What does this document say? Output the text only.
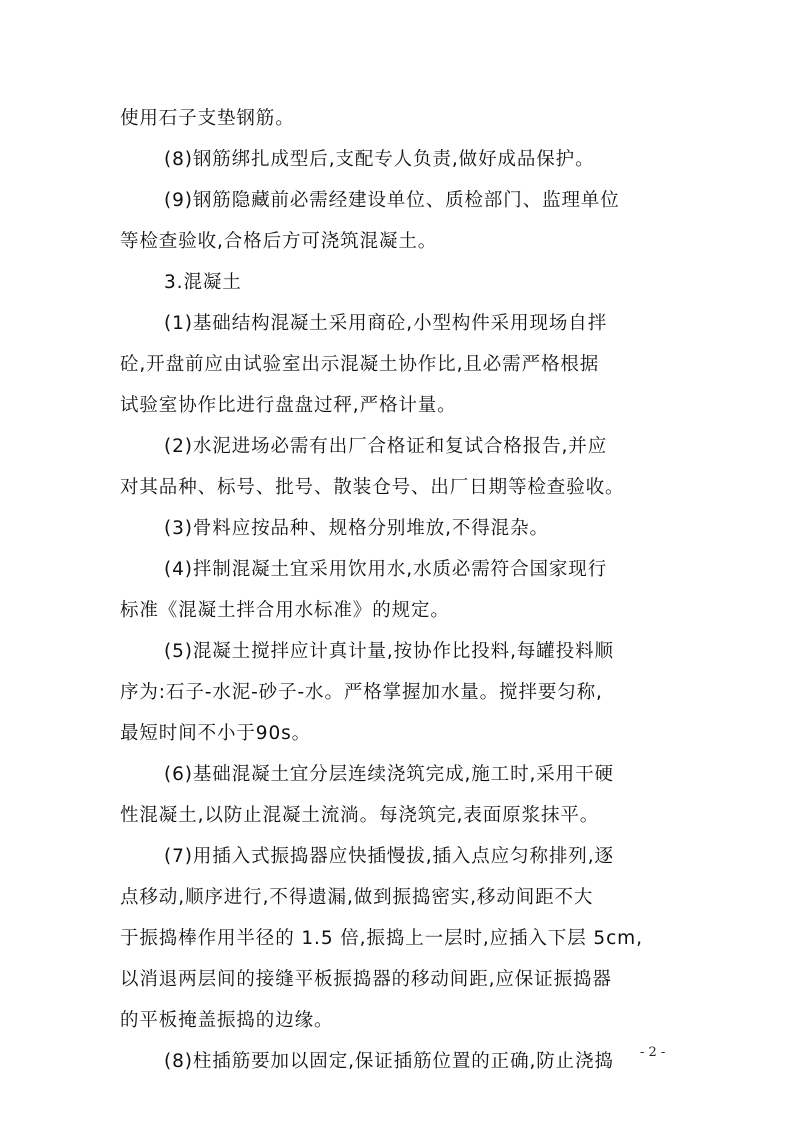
使用石子支垫钢筋。
(8)钢筋绑扎成型后,支配专人负责,做好成品保护。
(9)钢筋隐藏前必需经建设单位、质检部门、监理单位
等检查验收,合格后方可浇筑混凝土。
3.混凝土
(1)基础结构混凝土采用商砼,小型构件采用现场自拌
砼,开盘前应由试验室出示混凝土协作比,且必需严格根据
试验室协作比进行盘盘过秤,严格计量。
(2)水泥进场必需有出厂合格证和复试合格报告,并应
对其品种、标号、批号、散装仓号、出厂日期等检查验收。
(3)骨料应按品种、规格分别堆放,不得混杂。
(4)拌制混凝土宜采用饮用水,水质必需符合国家现行
标准《混凝土拌合用水标准》的规定。
(5)混凝土搅拌应计真计量,按协作比投料,每罐投料顺
序为:石子-水泥-砂子-水。严格掌握加水量。搅拌要匀称,
最短时间不小于90s。
(6)基础混凝土宜分层连续浇筑完成,施工时,采用干硬
性混凝土,以防止混凝土流淌。每浇筑完,表面原浆抹平。
(7)用插入式振捣器应快插慢拔,插入点应匀称排列,逐
点移动,顺序进行,不得遗漏,做到振捣密实,移动间距不大
于振捣棒作用半径的 1.5 倍,振捣上一层时,应插入下层 5cm,
以消退两层间的接缝平板振捣器的移动间距,应保证振捣器
的平板掩盖振捣的边缘。
(8)柱插筋要加以固定,保证插筋位置的正确,防止浇捣	- 2 -
